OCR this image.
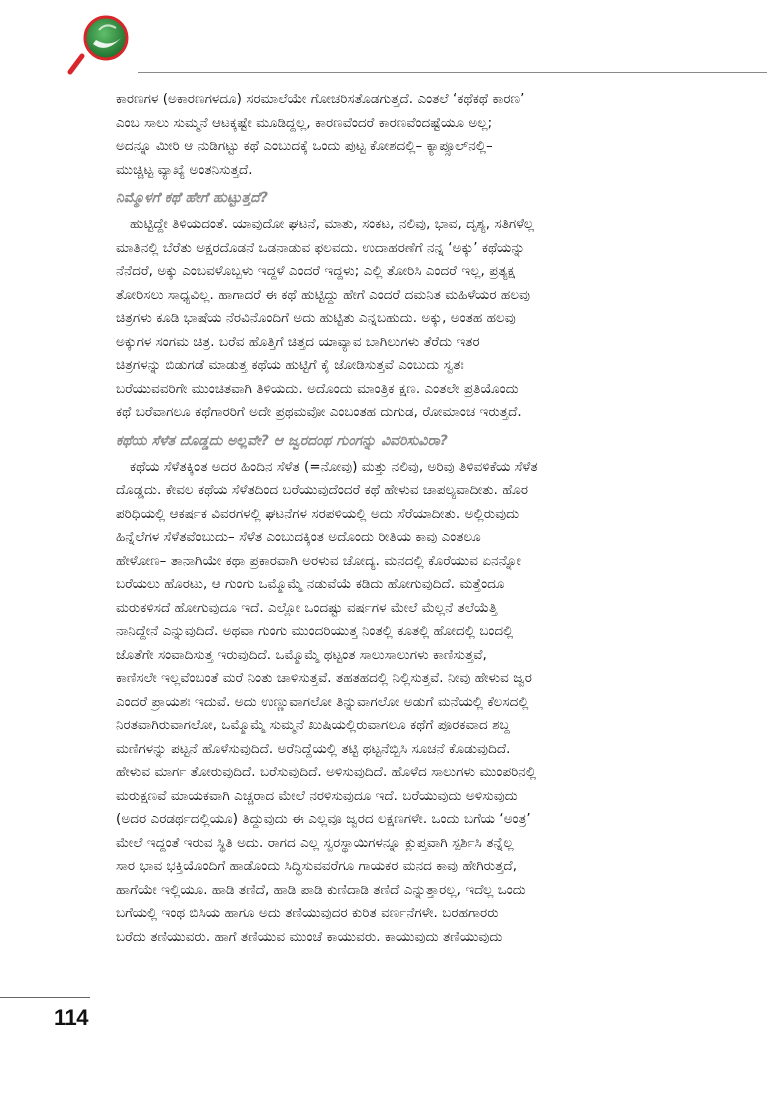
ಕಾರಣಗಳ (ಅಕಾರಣಗಳದೂ) ಸರಮಾಲೆಯೇ ಗೋಚರಿಸತೊಡಗುತ್ತದೆ. ಎಂತಲೆ ‘ಕಥೆಕಥೆ ಕಾರಣ’
ಎಂಬ ಸಾಲು ಸುಮ್ಮನೆ ಆಟಕ್ಕಷ್ಟೇ ಮೂಡಿದ್ದಲ್ಲ, ಕಾರಣವೆಂದರೆ ಕಾರಣವೆಂದಷ್ಟೆಯೂ ಅಲ್ಲ;
ಅದನ್ನೂ ಮೀರಿ ಆ ನುಡಿಗಟ್ಟು ಕಥೆ ಎಂಬುದಕ್ಕೆ ಒಂದು ಪುಟ್ಟ ಕೋಶದಲ್ಲಿ– ಕ್ಯಾಪ್ಸೂಲ್‌ನಲ್ಲಿ–
ಮುಚ್ಚಿಟ್ಟ ವ್ಯಾಖ್ಯೆ ಅಂತನಿಸುತ್ತದೆ.

ನಿಮ್ಮೊಳಗೆ ಕಥೆ ಹೇಗೆ ಹುಟ್ಟುತ್ತದೆ?

ಹುಟ್ಟಿದ್ದೇ ತಿಳಿಯದಂತೆ. ಯಾವುದೋ ಘಟನೆ, ಮಾತು, ಸಂಕಟ, ನಲಿವು, ಭಾವ, ದೃಶ್ಯ, ಸತಿಗಳೆಲ್ಲ
ಮಾತಿನಲ್ಲಿ ಬೆರೆತು ಅಕ್ಷರದೊಡನೆ ಒಡನಾಡುವ ಫಲವದು. ಉದಾಹರಣೆಗೆ ನನ್ನ ‘ಅಕ್ಕು’ ಕಥೆಯನ್ನು
ನೆನೆದರೆ, ಅಕ್ಕು ಎಂಬವಳೊಬ್ಬಳು ಇದ್ದಳೆ ಎಂದರೆ ಇದ್ದಳು; ಎಲ್ಲಿ ತೋರಿಸಿ ಎಂದರೆ ಇಲ್ಲ, ಪ್ರತ್ಯಕ್ಷ
ತೋರಿಸಲು ಸಾಧ್ಯವಿಲ್ಲ. ಹಾಗಾದರೆ ಈ ಕಥೆ ಹುಟ್ಟಿದ್ದು ಹೇಗೆ ಎಂದರೆ ದಮನಿತ ಮಹಿಳೆಯರ ಹಲವು
ಚಿತ್ರಗಳು ಕೂಡಿ ಭಾಷೆಯ ನೆರವಿನೊಂದಿಗೆ ಅದು ಹುಟ್ಟಿತು ಎನ್ನಬಹುದು. ಅಕ್ಕು, ಅಂತಹ ಹಲವು
ಅಕ್ಕುಗಳ ಸಂಗಮ ಚಿತ್ರ. ಬರೆವ ಹೊತ್ತಿಗೆ ಚಿತ್ತದ ಯಾವ್ಯಾವ ಬಾಗಿಲುಗಳು ತೆರೆದು ಇತರ
ಚಿತ್ರಗಳನ್ನು ಬಿಡುಗಡೆ ಮಾಡುತ್ತ ಕಥೆಯ ಹುಟ್ಟಿಗೆ ಕೈ ಜೋಡಿಸುತ್ತವೆ ಎಂಬುದು ಸ್ವತಃ
ಬರೆಯುವವರಿಗೇ ಮುಂಚಿತವಾಗಿ ತಿಳಿಯದು. ಅದೊಂದು ಮಾಂತ್ರಿಕ ಕ್ಷಣ. ಎಂತಲೇ ಪ್ರತಿಯೊಂದು
ಕಥೆ ಬರೆವಾಗಲೂ ಕಥೆಗಾರರಿಗೆ ಅದೇ ಪ್ರಥಮವೋ ಎಂಬಂತಹ ದುಗುಡ, ರೋಮಾಂಚ ಇರುತ್ತದೆ.

ಕಥೆಯ ಸೆಳೆತ ದೊಡ್ಡದು ಅಲ್ಲವೇ? ಆ ಜ್ವರದಂಥ ಗುಂಗನ್ನು ವಿವರಿಸುವಿರಾ?

ಕಥೆಯ ಸೆಳೆತಕ್ಕಿಂತ ಅದರ ಹಿಂದಿನ ಸೆಳೆತ (=ನೋವು) ಮತ್ತು ನಲಿವು, ಅರಿವು ತಿಳಿವಳಿಕೆಯ ಸೆಳೆತ
ದೊಡ್ಡದು. ಕೇವಲ ಕಥೆಯ ಸೆಳೆತದಿಂದ ಬರೆಯುವುದೆಂದರೆ ಕಥೆ ಹೇಳುವ ಚಾಪಲ್ಯವಾದೀತು. ಹೊರ
ಪರಿಧಿಯಲ್ಲಿ ಆಕರ್ಷಕ ವಿವರಗಳಲ್ಲಿ ಘಟನೆಗಳ ಸರಪಳಿಯಲ್ಲಿ ಅದು ಸೆರೆಯಾದೀತು. ಅಲ್ಲಿರುವುದು
ಹಿನ್ನೆಲೆಗಳ ಸೆಳೆತವೆಂಬುದು– ಸೆಳೆತ ಎಂಬುದಕ್ಕಿಂತ ಅದೊಂದು ರೀತಿಯ ಕಾವು ಎಂತಲೂ
ಹೇಳೋಣ– ತಾನಾಗಿಯೇ ಕಥಾ ಪ್ರಕಾರವಾಗಿ ಅರಳುವ ಚೋದ್ಯ. ಮನದಲ್ಲಿ ಕೊರೆಯುವ ಏನನ್ನೋ
ಬರೆಯಲು ಹೊರಟು, ಆ ಗುಂಗು ಒಮ್ಮೊಮ್ಮೆ ನಡುವೆಯೆ ಕಡಿದು ಹೋಗುವುದಿದೆ. ಮತ್ತೆಂದೂ
ಮರುಕಳಿಸದೆ ಹೋಗುವುದೂ ಇದೆ. ಎಲ್ಲೋ ಒಂದಷ್ಟು ವರ್ಷಗಳ ಮೇಲೆ ಮೆಲ್ಲನೆ ತಲೆಯೆತ್ತಿ
ನಾನಿದ್ದೇನೆ ಎನ್ನುವುದಿದೆ. ಅಥವಾ ಗುಂಗು ಮುಂದರಿಯುತ್ತ ನಿಂತಲ್ಲಿ ಕೂತಲ್ಲಿ ಹೋದಲ್ಲಿ ಬಂದಲ್ಲಿ
ಜೊತೆಗೇ ಸಂವಾದಿಸುತ್ತ ಇರುವುದಿದೆ. ಒಮ್ಮೊಮ್ಮೆ ಥಟ್ಟಂತ ಸಾಲುಸಾಲುಗಳು ಕಾಣಿಸುತ್ತವೆ,
ಕಾಣಿಸಲೇ ಇಲ್ಲವೆಂಬಂತೆ ಮರೆ ನಿಂತು ಚಾಳಿಸುತ್ತವೆ. ತಹತಹದಲ್ಲಿ ನಿಲ್ಲಿಸುತ್ತವೆ. ನೀವು ಹೇಳುವ ಜ್ವರ
ಎಂದರೆ ಪ್ರಾಯಶಃ ಇದುವೆ. ಅದು ಉಣ್ಣುವಾಗಲೋ ತಿನ್ನುವಾಗಲೋ ಅಡುಗೆ ಮನೆಯಲ್ಲಿ ಕೆಲಸದಲ್ಲಿ
ನಿರತವಾಗಿರುವಾಗಲೋ, ಒಮ್ಮೊಮ್ಮೆ ಸುಮ್ಮನೆ ಖುಷಿಯಲ್ಲಿರುವಾಗಲೂ ಕಥೆಗೆ ಪೂರಕವಾದ ಶಬ್ದ
ಮಣಿಗಳನ್ನು ಪಟ್ಟನೆ ಹೊಳೆಸುವುದಿದೆ. ಅರೆನಿದ್ದೆಯಲ್ಲಿ ತಟ್ಟಿ ಥಟ್ಟನೆಬ್ಬಿಸಿ ಸೂಚನೆ ಕೊಡುವುದಿದೆ.
ಹೇಳುವ ಮಾರ್ಗ ತೋರುವುದಿದೆ. ಬರೆಸುವುದಿದೆ. ಅಳಿಸುವುದಿದೆ. ಹೊಳೆದ ಸಾಲುಗಳು ಮುಂಪರಿನಲ್ಲಿ
ಮರುಕ್ಷಣವೆ ಮಾಯಕವಾಗಿ ಎಚ್ಚರಾದ ಮೇಲೆ ನರಳಿಸುವುದೂ ಇದೆ. ಬರೆಯುವುದು ಅಳಿಸುವುದು
(ಅದರ ಎರಡರ್ಥದಲ್ಲಿಯೂ) ತಿದ್ದುವುದು ಈ ಎಲ್ಲವೂ ಜ್ವರದ ಲಕ್ಷಣಗಳೇ. ಒಂದು ಬಗೆಯ ‘ಅಂತ್ರ’
ಮೇಲೆ ಇದ್ದಂತೆ ಇರುವ ಸ್ಥಿತಿ ಅದು. ರಾಗದ ಎಲ್ಲ ಸ್ವರಸ್ಥಾಯಿಗಳನ್ನೂ ಕ್ಲುಪ್ತವಾಗಿ ಸ್ಪರ್ಶಿಸಿ ತನ್ನೆಲ್ಲ
ಸಾರ ಭಾವ ಭಕ್ತಿಯೊಂದಿಗೆ ಹಾಡೊಂದು ಸಿದ್ಧಿಸುವವರೆಗೂ ಗಾಯಕರ ಮನದ ಕಾವು ಹೇಗಿರುತ್ತದೆ,
ಹಾಗೆಯೇ ಇಲ್ಲಿಯೂ. ಹಾಡಿ ತಣಿದೆ, ಹಾಡಿ ಪಾಡಿ ಕುಣಿದಾಡಿ ತಣಿದೆ ಎನ್ನುತ್ತಾರಲ್ಲ, ಇದೆಲ್ಲ ಒಂದು
ಬಗೆಯಲ್ಲಿ ಇಂಥ ಬಿಸಿಯ ಹಾಗೂ ಅದು ತಣಿಯುವುದರ ಕುರಿತ ವರ್ಣನೆಗಳೇ. ಬರಹಗಾರರು
ಬರೆದು ತಣಿಯುವರು. ಹಾಗೆ ತಣಿಯುವ ಮುಂಚೆ ಕಾಯುವರು. ಕಾಯುವುದು ತಣಿಯುವುದು

114
